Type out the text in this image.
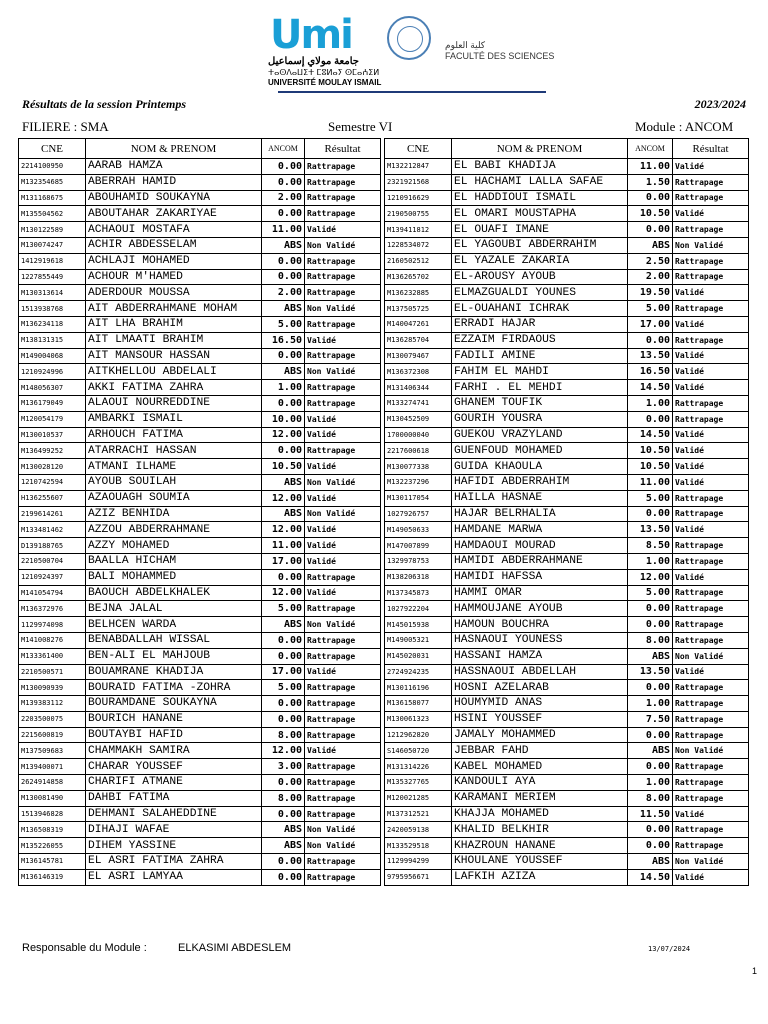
Umi
جامعة مولاي إسماعيل
ⵜⴰⵙⴷⴰⵡⵉⵜ ⵎⵓⵍⴰⵢ ⵙⵎⴰⵄⵉⵍ
UNIVERSITÉ MOULAY ISMAIL
كلية العلوم
FACULTÉ DES SCIENCES
Résultats de la session Printemps	2023/2024
FILIERE : SMA	Semestre VI	Module : ANCOM
CNE	NOM & PRENOM	ANCOM	Résultat
2214100950	AARAB HAMZA	0.00	Rattrapage
M132354685	ABERRAH HAMID	0.00	Rattrapage
M131168675	ABOUHAMID SOUKAYNA	2.00	Rattrapage
M135504562	ABOUTAHAR ZAKARIYAE	0.00	Rattrapage
M130122589	ACHAOUI MOSTAFA	11.00	Validé
M130074247	ACHIR ABDESSELAM	ABS	Non Validé
1412919618	ACHLAJI MOHAMED	0.00	Rattrapage
1227855449	ACHOUR M'HAMED	0.00	Rattrapage
M130313614	ADERDOUR MOUSSA	2.00	Rattrapage
1513938768	AIT ABDERRAHMANE MOHAM	ABS	Non Validé
M136234118	AIT LHA BRAHIM	5.00	Rattrapage
M138131315	AIT LMAATI BRAHIM	16.50	Validé
M149004068	AIT MANSOUR HASSAN	0.00	Rattrapage
1210924996	AITKHELLOU ABDELALI	ABS	Non Validé
M148056307	AKKI FATIMA ZAHRA	1.00	Rattrapage
M136179049	ALAOUI NOURREDDINE	0.00	Rattrapage
M120054179	AMBARKI ISMAIL	10.00	Validé
M130010537	ARHOUCH FATIMA	12.00	Validé
M136499252	ATARRACHI HASSAN	0.00	Rattrapage
M130028120	ATMANI ILHAME	10.50	Validé
1210742594	AYOUB SOUILAH	ABS	Non Validé
H136255607	AZAOUAGH SOUMIA	12.00	Validé
2199614261	AZIZ BENHIDA	ABS	Non Validé
M133481462	AZZOU ABDERRAHMANE	12.00	Validé
D139188765	AZZY MOHAMED	11.00	Validé
2210500704	BAALLA HICHAM	17.00	Validé
1210924397	BALI MOHAMMED	0.00	Rattrapage
M141054794	BAOUCH ABDELKHALEK	12.00	Validé
M136372976	BEJNA JALAL	5.00	Rattrapage
1129974098	BELHCEN WARDA	ABS	Non Validé
M141008276	BENABDALLAH WISSAL	0.00	Rattrapage
M133361400	BEN-ALI EL MAHJOUB	0.00	Rattrapage
2210500571	BOUAMRANE KHADIJA	17.00	Validé
M130090939	BOURAID FATIMA -ZOHRA	5.00	Rattrapage
M139383112	BOURAMDANE SOUKAYNA	0.00	Rattrapage
2203500075	BOURICH HANANE	0.00	Rattrapage
2215600819	BOUTAYBI HAFID	8.00	Rattrapage
M137509683	CHAMMAKH SAMIRA	12.00	Validé
M139400071	CHARAR YOUSSEF	3.00	Rattrapage
2624914858	CHARIFI ATMANE	0.00	Rattrapage
M130081490	DAHBI FATIMA	8.00	Rattrapage
1513946828	DEHMANI SALAHEDDINE	0.00	Rattrapage
M136508319	DIHAJI WAFAE	ABS	Non Validé
M135226055	DIHEM YASSINE	ABS	Non Validé
M136145781	EL ASRI FATIMA ZAHRA	0.00	Rattrapage
M136146319	EL ASRI LAMYAA	0.00	Rattrapage
CNE	NOM & PRENOM	ANCOM	Résultat
M132212847	EL BABI KHADIJA	11.00	Validé
2321921568	EL HACHAMI LALLA SAFAE	1.50	Rattrapage
1210916629	EL HADDIOUI ISMAIL	0.00	Rattrapage
2190500755	EL OMARI MOUSTAPHA	10.50	Validé
M139411812	EL OUAFI IMANE	0.00	Rattrapage
1228534072	EL YAGOUBI ABDERRAHIM	ABS	Non Validé
2160502512	EL YAZALE ZAKARIA	2.50	Rattrapage
M136265702	EL-AROUSY AYOUB	2.00	Rattrapage
M136232885	ELMAZGUALDI YOUNES	19.50	Validé
M137505725	EL-OUAHANI ICHRAK	5.00	Rattrapage
M140047261	ERRADI HAJAR	17.00	Validé
M136285704	EZZAIM FIRDAOUS	0.00	Rattrapage
M130079467	FADILI AMINE	13.50	Validé
M136372308	FAHIM EL MAHDI	16.50	Validé
M131406344	FARHI . EL MEHDI	14.50	Validé
M133274741	GHANEM TOUFIK	1.00	Rattrapage
M130452509	GOURIH YOUSRA	0.00	Rattrapage
1700000040	GUEKOU VRAZYLAND	14.50	Validé
2217600618	GUENFOUD MOHAMED	10.50	Validé
M130077338	GUIDA KHAOULA	10.50	Validé
M132237296	HAFIDI ABDERRAHIM	11.00	Validé
M130117054	HAILLA HASNAE	5.00	Rattrapage
1027926757	HAJAR BELRHALIA	0.00	Rattrapage
M149050633	HAMDANE MARWA	13.50	Validé
M147007899	HAMDAOUI MOURAD	8.50	Rattrapage
1329978753	HAMIDI ABDERRAHMANE	1.00	Rattrapage
M138206318	HAMIDI HAFSSA	12.00	Validé
M137345873	HAMMI OMAR	5.00	Rattrapage
1027922204	HAMMOUJANE AYOUB	0.00	Rattrapage
M145015938	HAMOUN BOUCHRA	0.00	Rattrapage
M149005321	HASNAOUI YOUNESS	8.00	Rattrapage
M145020031	HASSANI HAMZA	ABS	Non Validé
2724924235	HASSNAOUI ABDELLAH	13.50	Validé
M130116196	HOSNI AZELARAB	0.00	Rattrapage
M136158077	HOUMYMID ANAS	1.00	Rattrapage
M130061323	HSINI YOUSSEF	7.50	Rattrapage
1212962820	JAMALY MOHAMMED	0.00	Rattrapage
S146050720	JEBBAR FAHD	ABS	Non Validé
M131314226	KABEL MOHAMED	0.00	Rattrapage
M135327765	KANDOULI AYA	1.00	Rattrapage
M120021285	KARAMANI MERIEM	8.00	Rattrapage
M137312521	KHAJJA MOHAMED	11.50	Validé
2420059138	KHALID BELKHIR	0.00	Rattrapage
M133529518	KHAZROUN HANANE	0.00	Rattrapage
1129994299	KHOULANE YOUSSEF	ABS	Non Validé
9795956671	LAFKIH AZIZA	14.50	Validé
Responsable du Module :	ELKASIMI ABDESLEM	13/07/2024
1
